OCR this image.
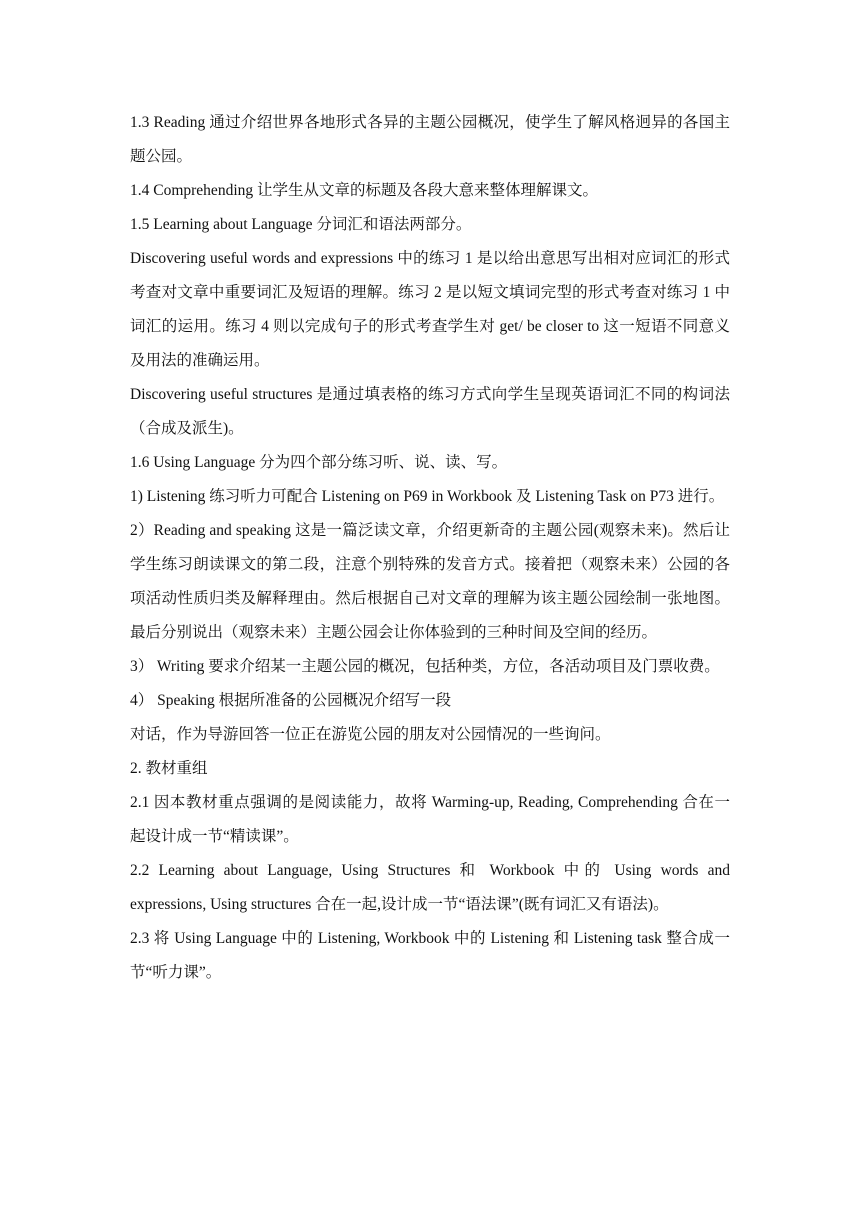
1.3 Reading 通过介绍世界各地形式各异的主题公园概况，使学生了解风格迥异的各国主题公园。

1.4 Comprehending 让学生从文章的标题及各段大意来整体理解课文。

1.5 Learning about Language 分词汇和语法两部分。

Discovering useful words and expressions 中的练习 1 是以给出意思写出相对应词汇的形式考查对文章中重要词汇及短语的理解。练习 2 是以短文填词完型的形式考查对练习 1 中词汇的运用。练习 4 则以完成句子的形式考查学生对 get/ be closer to 这一短语不同意义及用法的准确运用。

Discovering useful structures 是通过填表格的练习方式向学生呈现英语词汇不同的构词法（合成及派生)。

1.6 Using Language 分为四个部分练习听、说、读、写。

1) Listening 练习听力可配合 Listening on P69 in Workbook 及 Listening Task on P73 进行。

2）Reading and speaking 这是一篇泛读文章，介绍更新奇的主题公园(观察未来)。然后让学生练习朗读课文的第二段，注意个别特殊的发音方式。接着把（观察未来）公园的各项活动性质归类及解释理由。然后根据自己对文章的理解为该主题公园绘制一张地图。最后分别说出（观察未来）主题公园会让你体验到的三种时间及空间的经历。

3） Writing 要求介绍某一主题公园的概况，包括种类，方位，各活动项目及门票收费。

4） Speaking 根据所准备的公园概况介绍写一段

对话，作为导游回答一位正在游览公园的朋友对公园情况的一些询问。

2. 教材重组

2.1 因本教材重点强调的是阅读能力，故将 Warming-up, Reading, Comprehending 合在一起设计成一节“精读课”。

2.2 Learning about Language, Using Structures 和 Workbook 中的 Using words and expressions, Using structures 合在一起,设计成一节“语法课”(既有词汇又有语法)。

2.3 将 Using Language 中的 Listening, Workbook 中的 Listening 和 Listening task 整合成一节“听力课”。
